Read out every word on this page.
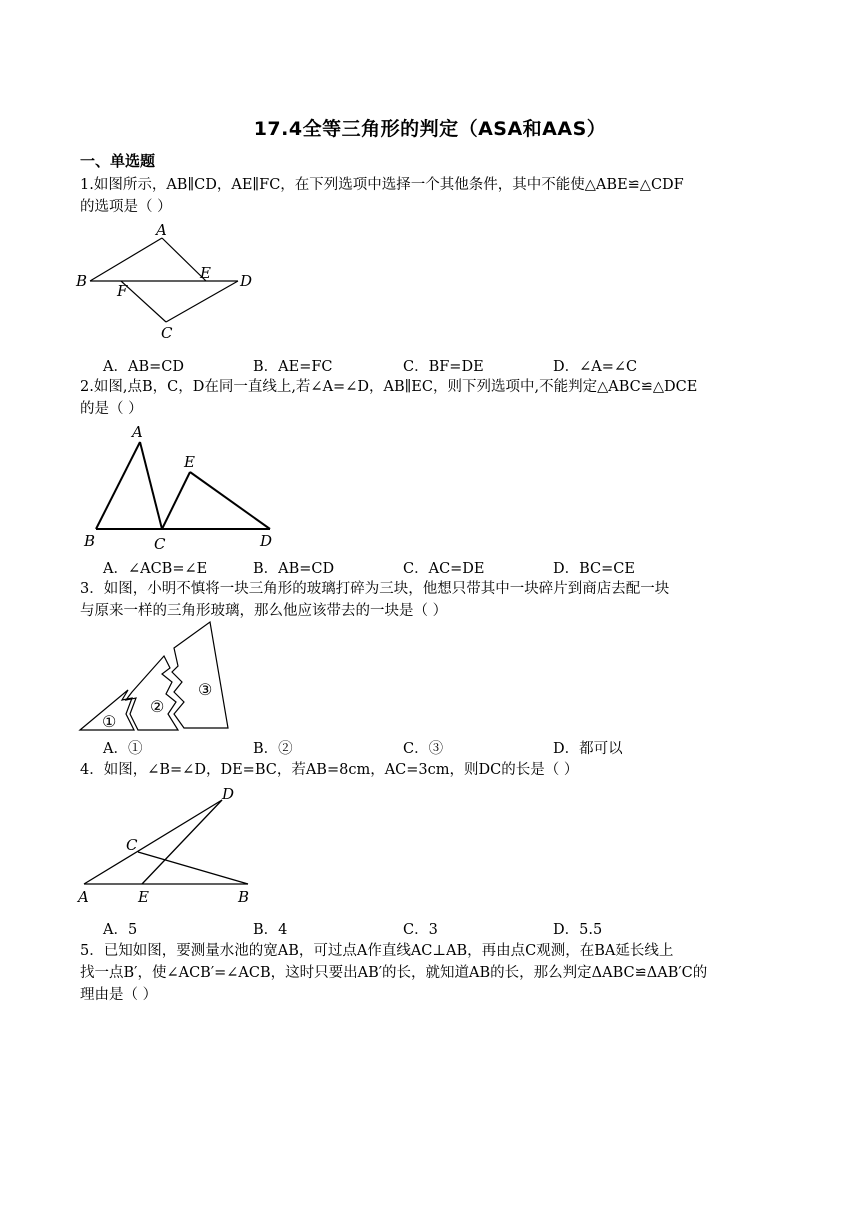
17.4全等三角形的判定（ASA和AAS）
一、单选题
1.如图所示，AB∥CD，AE∥FC，在下列选项中选择一个其他条件，其中不能使△ABE≌△CDF
的选项是（ ）
A
B	E D
F
C
A．AB=CD	B．AE=FC	C．BF=DE	D．∠A=∠C
2.如图,点B，C，D在同一直线上,若∠A=∠D，AB∥EC，则下列选项中,不能判定△ABC≌△DCE
的是（ ）
A
E
B	C	D
A．∠ACB=∠E	B．AB=CD	C．AC=DE	D．BC=CE
3．如图，小明不慎将一块三角形的玻璃打碎为三块，他想只带其中一块碎片到商店去配一块
与原来一样的三角形玻璃，那么他应该带去的一块是（ ）
①
②
③
A．①	B．②	C．③	D．都可以
4．如图，∠B=∠D，DE=BC，若AB=8cm，AC=3cm，则DC的长是（ ）
D
C
A	E	B
A．5	B．4	C．3	D．5.5
5．已知如图，要测量水池的宽AB，可过点A作直线AC⊥AB，再由点C观测，在BA延长线上
找一点B′，使∠ACB′=∠ACB，这时只要出AB′的长，就知道AB的长，那么判定ΔABC≌ΔAB′C的
理由是（ ）
